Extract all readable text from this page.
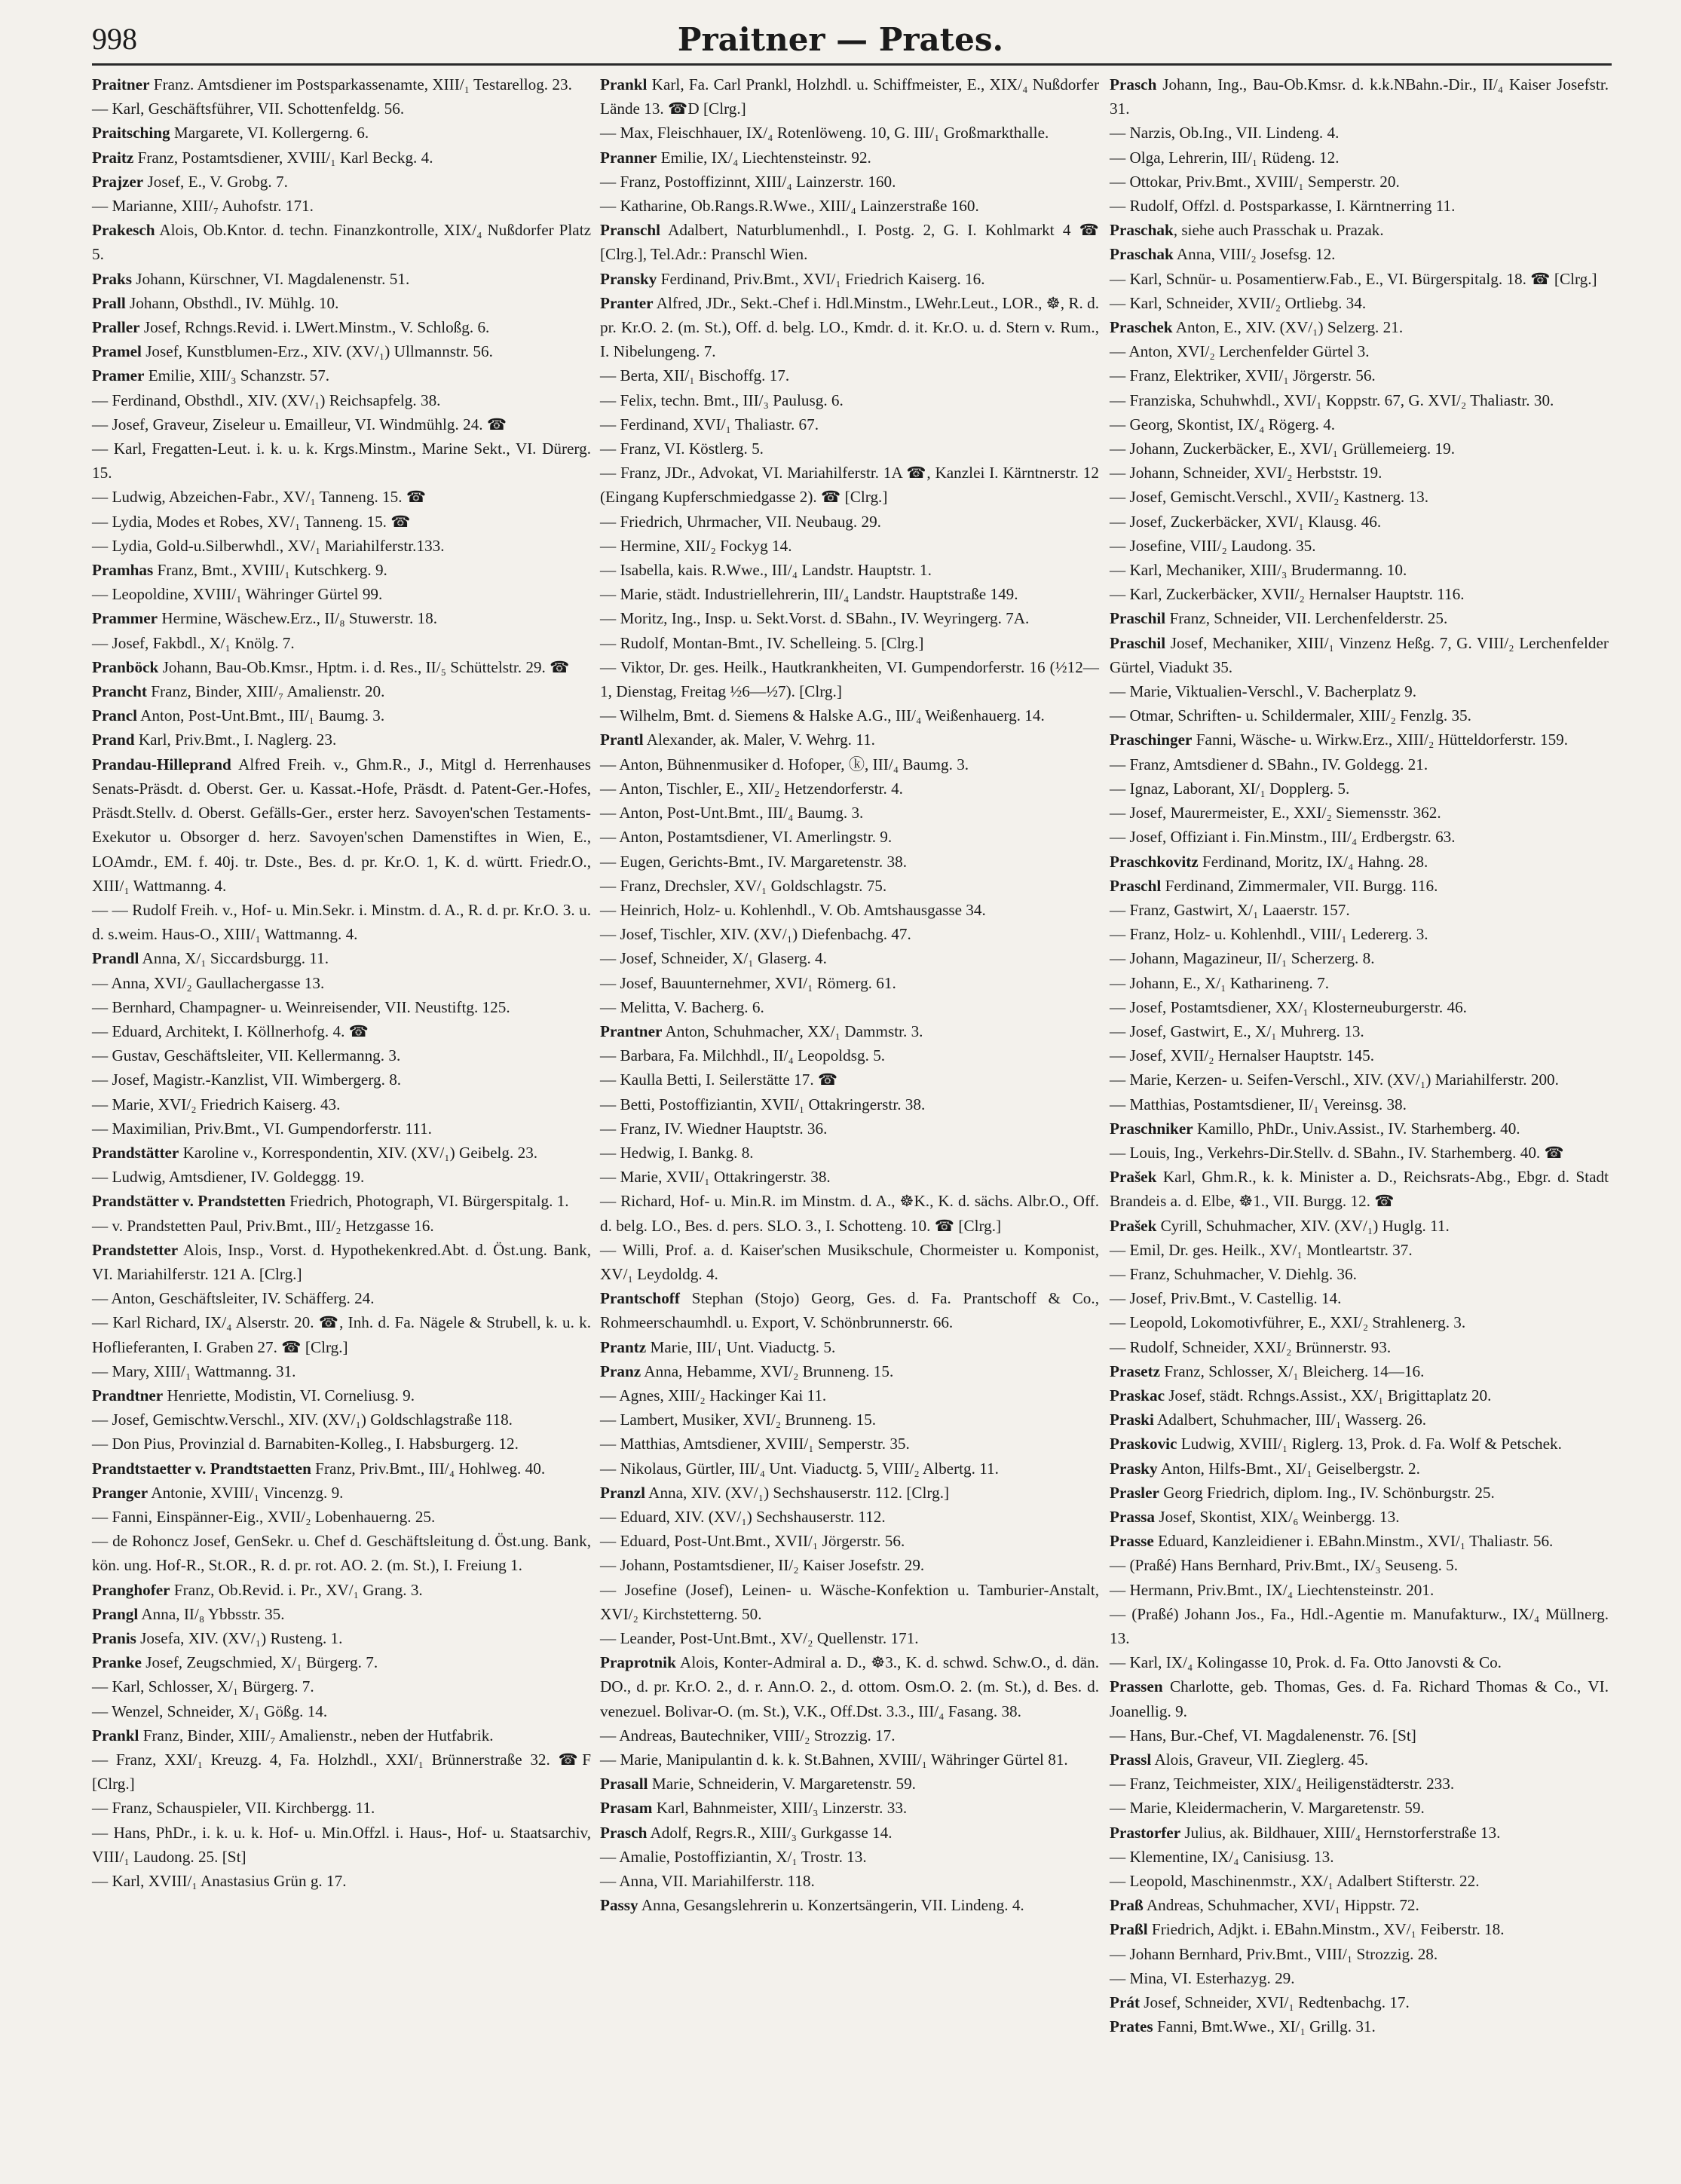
998	Praitner — Prates.

Praitner Franz. Amtsdiener im Postsparkassenamte, XIII/₁ Testarellog. 23.

— Karl, Geschäftsführer, VII. Schottenfeldg. 56.

Praitsching Margarete, VI. Kollergerng. 6.

Praitz Franz, Postamtsdiener, XVIII/₁ Karl Beckg. 4.

Prajzer Josef, E., V. Grobg. 7.

— Marianne, XIII/₇ Auhofstr. 171.

Prakesch Alois, Ob.Kntor. d. techn. Finanzkontrolle, XIX/₄ Nußdorfer Platz 5.

Praks Johann, Kürschner, VI. Magdalenenstr. 51.

Prall Johann, Obsthdl., IV. Mühlg. 10.

Praller Josef, Rchngs.Revid. i. LWert.Minstm., V. Schloßg. 6.

Pramel Josef, Kunstblumen-Erz., XIV. (XV/₁) Ullmannstr. 56.

Pramer Emilie, XIII/₃ Schanzstr. 57.

— Ferdinand, Obsthdl., XIV. (XV/₁) Reichsapfelg. 38.

— Josef, Graveur, Ziseleur u. Emailleur, VI. Windmühlg. 24. ☎

— Karl, Fregatten-Leut. i. k. u. k. Krgs.Minstm., Marine Sekt., VI. Dürerg. 15.

— Ludwig, Abzeichen-Fabr., XV/₁ Tanneng. 15. ☎

— Lydia, Modes et Robes, XV/₁ Tanneng. 15. ☎

— Lydia, Gold-u.Silberwhdl., XV/₁ Mariahilferstr.133.

Pramhas Franz, Bmt., XVIII/₁ Kutschkerg. 9.

— Leopoldine, XVIII/₁ Währinger Gürtel 99.

Prammer Hermine, Wäschew.Erz., II/₈ Stuwerstr. 18.

— Josef, Fakbdl., X/₁ Knölg. 7.

Pranböck Johann, Bau-Ob.Kmsr., Hptm. i. d. Res., II/₅ Schüttelstr. 29. ☎

Prancht Franz, Binder, XIII/₇ Amalienstr. 20.

Prancl Anton, Post-Unt.Bmt., III/₁ Baumg. 3.

Prand Karl, Priv.Bmt., I. Naglerg. 23.

Prandau-Hilleprand Alfred Freih. v., Ghm.R., J., Mitgl d. Herrenhauses Senats-Präsdt. d. Oberst. Ger. u. Kassat.-Hofe, Präsdt. d. Patent-Ger.-Hofes, Präsdt.Stellv. d. Oberst. Gefälls-Ger., erster herz. Savoyen'schen Testaments-Exekutor u. Obsorger d. herz. Savoyen'schen Damenstiftes in Wien, E., LOAmdr., EM. f. 40j. tr. Dste., Bes. d. pr. Kr.O. 1, K. d. württ. Friedr.O., XIII/₁ Wattmanng. 4.

— — Rudolf Freih. v., Hof- u. Min.Sekr. i. Minstm. d. A., R. d. pr. Kr.O. 3. u. d. s.weim. Haus-O., XIII/₁ Wattmanng. 4.

Prandl Anna, X/₁ Siccardsburgg. 11.

— Anna, XVI/₂ Gaullachergasse 13.

— Bernhard, Champagner- u. Weinreisender, VII. Neustiftg. 125.

— Eduard, Architekt, I. Köllnerhofg. 4. ☎

— Gustav, Geschäftsleiter, VII. Kellermanng. 3.

— Josef, Magistr.-Kanzlist, VII. Wimbergerg. 8.

— Marie, XVI/₂ Friedrich Kaiserg. 43.

— Maximilian, Priv.Bmt., VI. Gumpendorferstr. 111.

Prandstätter Karoline v., Korrespondentin, XIV. (XV/₁) Geibelg. 23.

— Ludwig, Amtsdiener, IV. Goldeggg. 19.

Prandstätter v. Prandstetten Friedrich, Photograph, VI. Bürgerspitalg. 1.

— v. Prandstetten Paul, Priv.Bmt., III/₂ Hetzgasse 16.

Prandstetter Alois, Insp., Vorst. d. Hypothekenkred.Abt. d. Öst.ung. Bank, VI. Mariahilferstr. 121 A. [Clrg.]

— Anton, Geschäftsleiter, IV. Schäfferg. 24.

— Karl Richard, IX/₄ Alserstr. 20. ☎, Inh. d. Fa. Nägele & Strubell, k. u. k. Hoflieferanten, I. Graben 27. ☎ [Clrg.]

— Mary, XIII/₁ Wattmanng. 31.

Prandtner Henriette, Modistin, VI. Corneliusg. 9.

— Josef, Gemischtw.Verschl., XIV. (XV/₁) Goldschlagstraße 118.

— Don Pius, Provinzial d. Barnabiten-Kolleg., I. Habsburgerg. 12.

Prandtstaetter v. Prandtstaetten Franz, Priv.Bmt., III/₄ Hohlweg. 40.

Pranger Antonie, XVIII/₁ Vincenzg. 9.

— Fanni, Einspänner-Eig., XVII/₂ Lobenhauerng. 25.

— de Rohoncz Josef, GenSekr. u. Chef d. Geschäftsleitung d. Öst.ung. Bank, kön. ung. Hof-R., St.OR., R. d. pr. rot. AO. 2. (m. St.), I. Freiung 1.

Pranghofer Franz, Ob.Revid. i. Pr., XV/₁ Grang. 3.

Prangl Anna, II/₈ Ybbsstr. 35.

Pranis Josefa, XIV. (XV/₁) Rusteng. 1.

Pranke Josef, Zeugschmied, X/₁ Bürgerg. 7.

— Karl, Schlosser, X/₁ Bürgerg. 7.

— Wenzel, Schneider, X/₁ Gößg. 14.

Prankl Franz, Binder, XIII/₇ Amalienstr., neben der Hutfabrik.

— Franz, XXI/₁ Kreuzg. 4, Fa. Holzhdl., XXI/₁ Brünnerstraße 32. ☎F [Clrg.]

— Franz, Schauspieler, VII. Kirchbergg. 11.

— Hans, PhDr., i. k. u. k. Hof- u. Min.Offzl. i. Haus-, Hof- u. Staatsarchiv, VIII/₁ Laudong. 25. [St]

— Karl, XVIII/₁ Anastasius Grün g. 17.

Prankl Karl, Fa. Carl Prankl, Holzhdl. u. Schiffmeister, E., XIX/₄ Nußdorfer Lände 13. ☎D [Clrg.]

— Max, Fleischhauer, IX/₄ Rotenlöweng. 10, G. III/₁ Großmarkthalle.

Pranner Emilie, IX/₄ Liechtensteinstr. 92.

— Franz, Postoffizinnt, XIII/₄ Lainzerstr. 160.

— Katharine, Ob.Rangs.R.Wwe., XIII/₄ Lainzerstraße 160.

Pranschl Adalbert, Naturblumenhdl., I. Postg. 2, G. I. Kohlmarkt 4 ☎ [Clrg.], Tel.Adr.: Pranschl Wien.

Pransky Ferdinand, Priv.Bmt., XVI/₁ Friedrich Kaiserg. 16.

Pranter Alfred, JDr., Sekt.-Chef i. Hdl.Minstm., LWehr.Leut., LOR., ☸, R. d. pr. Kr.O. 2. (m. St.), Off. d. belg. LO., Kmdr. d. it. Kr.O. u. d. Stern v. Rum., I. Nibelungeng. 7.

— Berta, XII/₁ Bischoffg. 17.

— Felix, techn. Bmt., III/₃ Paulusg. 6.

— Ferdinand, XVI/₁ Thaliastr. 67.

— Franz, VI. Köstlerg. 5.

— Franz, JDr., Advokat, VI. Mariahilferstr. 1A ☎, Kanzlei I. Kärntnerstr. 12 (Eingang Kupferschmiedgasse 2). ☎ [Clrg.]

— Friedrich, Uhrmacher, VII. Neubaug. 29.

— Hermine, XII/₂ Fockyg 14.

— Isabella, kais. R.Wwe., III/₄ Landstr. Hauptstr. 1.

— Marie, städt. Industriellehrerin, III/₄ Landstr. Hauptstraße 149.

— Moritz, Ing., Insp. u. Sekt.Vorst. d. SBahn., IV. Weyringerg. 7A.

— Rudolf, Montan-Bmt., IV. Schelleing. 5. [Clrg.]

— Viktor, Dr. ges. Heilk., Hautkrankheiten, VI. Gumpendorferstr. 16 (½12—1, Dienstag, Freitag ½6—½7). [Clrg.]

— Wilhelm, Bmt. d. Siemens & Halske A.G., III/₄ Weißenhauerg. 14.

Prantl Alexander, ak. Maler, V. Wehrg. 11.

— Anton, Bühnenmusiker d. Hofoper, ⓚ, III/₄ Baumg. 3.

— Anton, Tischler, E., XII/₂ Hetzendorferstr. 4.

— Anton, Post-Unt.Bmt., III/₄ Baumg. 3.

— Anton, Postamtsdiener, VI. Amerlingstr. 9.

— Eugen, Gerichts-Bmt., IV. Margaretenstr. 38.

— Franz, Drechsler, XV/₁ Goldschlagstr. 75.

— Heinrich, Holz- u. Kohlenhdl., V. Ob. Amtshausgasse 34.

— Josef, Tischler, XIV. (XV/₁) Diefenbachg. 47.

— Josef, Schneider, X/₁ Glaserg. 4.

— Josef, Bauunternehmer, XVI/₁ Römerg. 61.

— Melitta, V. Bacherg. 6.

Prantner Anton, Schuhmacher, XX/₁ Dammstr. 3.

— Barbara, Fa. Milchhdl., II/₄ Leopoldsg. 5.

— Kaulla Betti, I. Seilerstätte 17. ☎

— Betti, Postoffiziantin, XVII/₁ Ottakringerstr. 38.

— Franz, IV. Wiedner Hauptstr. 36.

— Hedwig, I. Bankg. 8.

— Marie, XVII/₁ Ottakringerstr. 38.

— Richard, Hof- u. Min.R. im Minstm. d. A., ☸K., K. d. sächs. Albr.O., Off. d. belg. LO., Bes. d. pers. SLO. 3., I. Schotteng. 10. ☎ [Clrg.]

— Willi, Prof. a. d. Kaiser'schen Musikschule, Chormeister u. Komponist, XV/₁ Leydoldg. 4.

Prantschoff Stephan (Stojo) Georg, Ges. d. Fa. Prantschoff & Co., Rohmeerschaumhdl. u. Export, V. Schönbrunnerstr. 66.

Prantz Marie, III/₁ Unt. Viaductg. 5.

Pranz Anna, Hebamme, XVI/₂ Brunneng. 15.

— Agnes, XIII/₂ Hackinger Kai 11.

— Lambert, Musiker, XVI/₂ Brunneng. 15.

— Matthias, Amtsdiener, XVIII/₁ Semperstr. 35.

— Nikolaus, Gürtler, III/₄ Unt. Viaductg. 5, VIII/₂ Albertg. 11.

Pranzl Anna, XIV. (XV/₁) Sechshauserstr. 112. [Clrg.]

— Eduard, XIV. (XV/₁) Sechshauserstr. 112.

— Eduard, Post-Unt.Bmt., XVII/₁ Jörgerstr. 56.

— Johann, Postamtsdiener, II/₂ Kaiser Josefstr. 29.

— Josefine (Josef), Leinen- u. Wäsche-Konfektion u. Tamburier-Anstalt, XVI/₂ Kirchstetterng. 50.

— Leander, Post-Unt.Bmt., XV/₂ Quellenstr. 171.

Praprotnik Alois, Konter-Admiral a. D., ☸3., K. d. schwd. Schw.O., d. dän. DO., d. pr. Kr.O. 2., d. r. Ann.O. 2., d. ottom. Osm.O. 2. (m. St.), d. Bes. d. venezuel. Bolivar-O. (m. St.), V.K., Off.Dst. 3.3., III/₄ Fasang. 38.

— Andreas, Bautechniker, VIII/₂ Strozzig. 17.

— Marie, Manipulantin d. k. k. St.Bahnen, XVIII/₁ Währinger Gürtel 81.

Prasall Marie, Schneiderin, V. Margaretenstr. 59.

Prasam Karl, Bahnmeister, XIII/₃ Linzerstr. 33.

Prasch Adolf, Regrs.R., XIII/₃ Gurkgasse 14.

— Amalie, Postoffiziantin, X/₁ Trostr. 13.

— Anna, VII. Mariahilferstr. 118.

Passy Anna, Gesangslehrerin u. Konzertsängerin, VII. Lindeng. 4.

Prasch Johann, Ing., Bau-Ob.Kmsr. d. k.k.NBahn.-Dir., II/₄ Kaiser Josefstr. 31.

— Narzis, Ob.Ing., VII. Lindeng. 4.

— Olga, Lehrerin, III/₁ Rüdeng. 12.

— Ottokar, Priv.Bmt., XVIII/₁ Semperstr. 20.

— Rudolf, Offzl. d. Postsparkasse, I. Kärntnerring 11.

Praschak, siehe auch Prasschak u. Prazak.

Praschak Anna, VIII/₂ Josefsg. 12.

— Karl, Schnür- u. Posamentierw.Fab., E., VI. Bürgerspitalg. 18. ☎ [Clrg.]

— Karl, Schneider, XVII/₂ Ortliebg. 34.

Praschek Anton, E., XIV. (XV/₁) Selzerg. 21.

— Anton, XVI/₂ Lerchenfelder Gürtel 3.

— Franz, Elektriker, XVII/₁ Jörgerstr. 56.

— Franziska, Schuhwhdl., XVI/₁ Koppstr. 67, G. XVI/₂ Thaliastr. 30.

— Georg, Skontist, IX/₄ Rögerg. 4.

— Johann, Zuckerbäcker, E., XVI/₁ Grüllemeierg. 19.

— Johann, Schneider, XVI/₂ Herbststr. 19.

— Josef, Gemischt.Verschl., XVII/₂ Kastnerg. 13.

— Josef, Zuckerbäcker, XVI/₁ Klausg. 46.

— Josefine, VIII/₂ Laudong. 35.

— Karl, Mechaniker, XIII/₃ Brudermanng. 10.

— Karl, Zuckerbäcker, XVII/₂ Hernalser Hauptstr. 116.

Praschil Franz, Schneider, VII. Lerchenfelderstr. 25.

Praschil Josef, Mechaniker, XIII/₁ Vinzenz Heßg. 7, G. VIII/₂ Lerchenfelder Gürtel, Viadukt 35.

— Marie, Viktualien-Verschl., V. Bacherplatz 9.

— Otmar, Schriften- u. Schildermaler, XIII/₂ Fenzlg. 35.

Praschinger Fanni, Wäsche- u. Wirkw.Erz., XIII/₂ Hütteldorferstr. 159.

— Franz, Amtsdiener d. SBahn., IV. Goldegg. 21.

— Ignaz, Laborant, XI/₁ Dopplerg. 5.

— Josef, Maurermeister, E., XXI/₂ Siemensstr. 362.

— Josef, Offiziant i. Fin.Minstm., III/₄ Erdbergstr. 63.

Praschkovitz Ferdinand, Moritz, IX/₄ Hahng. 28.

Praschl Ferdinand, Zimmermaler, VII. Burgg. 116.

— Franz, Gastwirt, X/₁ Laaerstr. 157.

— Franz, Holz- u. Kohlenhdl., VIII/₁ Ledererg. 3.

— Johann, Magazineur, II/₁ Scherzerg. 8.

— Johann, E., X/₁ Katharineng. 7.

— Josef, Postamtsdiener, XX/₁ Klosterneuburgerstr. 46.

— Josef, Gastwirt, E., X/₁ Muhrerg. 13.

— Josef, XVII/₂ Hernalser Hauptstr. 145.

— Marie, Kerzen- u. Seifen-Verschl., XIV. (XV/₁) Mariahilferstr. 200.

— Matthias, Postamtsdiener, II/₁ Vereinsg. 38.

Praschniker Kamillo, PhDr., Univ.Assist., IV. Starhemberg. 40.

— Louis, Ing., Verkehrs-Dir.Stellv. d. SBahn., IV. Starhemberg. 40. ☎

Prašek Karl, Ghm.R., k. k. Minister a. D., Reichsrats-Abg., Ebgr. d. Stadt Brandeis a. d. Elbe, ☸1., VII. Burgg. 12. ☎

Prašek Cyrill, Schuhmacher, XIV. (XV/₁) Huglg. 11.

— Emil, Dr. ges. Heilk., XV/₁ Montleartstr. 37.

— Franz, Schuhmacher, V. Diehlg. 36.

— Josef, Priv.Bmt., V. Castellig. 14.

— Leopold, Lokomotivführer, E., XXI/₂ Strahlenerg. 3.

— Rudolf, Schneider, XXI/₂ Brünnerstr. 93.

Prasetz Franz, Schlosser, X/₁ Bleicherg. 14—16.

Praskac Josef, städt. Rchngs.Assist., XX/₁ Brigittaplatz 20.

Praski Adalbert, Schuhmacher, III/₁ Wasserg. 26.

Praskovic Ludwig, XVIII/₁ Riglerg. 13, Prok. d. Fa. Wolf & Petschek.

Prasky Anton, Hilfs-Bmt., XI/₁ Geiselbergstr. 2.

Prasler Georg Friedrich, diplom. Ing., IV. Schönburgstr. 25.

Prassa Josef, Skontist, XIX/₆ Weinbergg. 13.

Prasse Eduard, Kanzleidiener i. EBahn.Minstm., XVI/₁ Thaliastr. 56.

— (Praßé) Hans Bernhard, Priv.Bmt., IX/₃ Seuseng. 5.

— Hermann, Priv.Bmt., IX/₄ Liechtensteinstr. 201.

— (Praßé) Johann Jos., Fa., Hdl.-Agentie m. Manufakturw., IX/₄ Müllnerg. 13.

— Karl, IX/₄ Kolingasse 10, Prok. d. Fa. Otto Janovsti & Co.

Prassen Charlotte, geb. Thomas, Ges. d. Fa. Richard Thomas & Co., VI. Joanellig. 9.

— Hans, Bur.-Chef, VI. Magdalenenstr. 76. [St]

Prassl Alois, Graveur, VII. Zieglerg. 45.

— Franz, Teichmeister, XIX/₄ Heiligenstädterstr. 233.

— Marie, Kleidermacherin, V. Margaretenstr. 59.

Prastorfer Julius, ak. Bildhauer, XIII/₄ Hernstorferstraße 13.

— Klementine, IX/₄ Canisiusg. 13.

— Leopold, Maschinenmstr., XX/₁ Adalbert Stifterstr. 22.

Praß Andreas, Schuhmacher, XVI/₁ Hippstr. 72.

Praßl Friedrich, Adjkt. i. EBahn.Minstm., XV/₁ Feiberstr. 18.

— Johann Bernhard, Priv.Bmt., VIII/₁ Strozzig. 28.

— Mina, VI. Esterhazyg. 29.

Prát Josef, Schneider, XVI/₁ Redtenbachg. 17.

Prates Fanni, Bmt.Wwe., XI/₁ Grillg. 31.
